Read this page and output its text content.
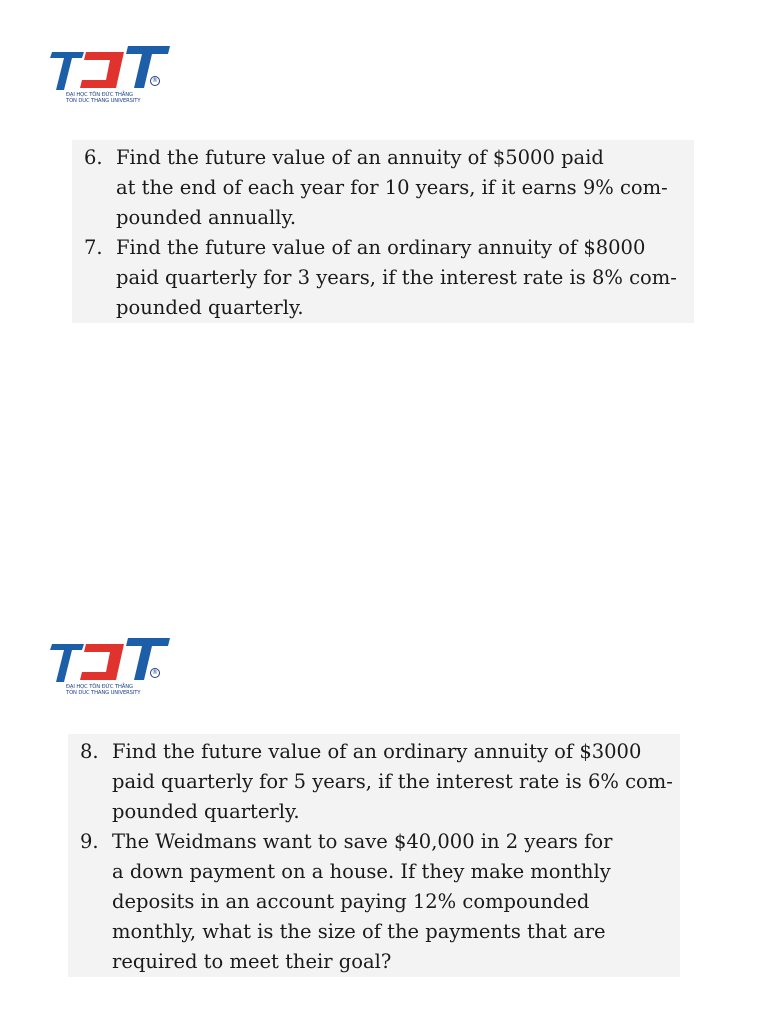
®
ĐẠI HỌC TÔN ĐỨC THẮNG
TON DUC THANG UNIVERSITY
6. Find the future value of an annuity of $5000 paid
at the end of each year for 10 years, if it earns 9% com-
pounded annually.
7. Find the future value of an ordinary annuity of $8000
paid quarterly for 3 years, if the interest rate is 8% com-
pounded quarterly.
®
ĐẠI HỌC TÔN ĐỨC THẮNG
TON DUC THANG UNIVERSITY
8. Find the future value of an ordinary annuity of $3000
paid quarterly for 5 years, if the interest rate is 6% com-
pounded quarterly.
9. The Weidmans want to save $40,000 in 2 years for
a down payment on a house. If they make monthly
deposits in an account paying 12% compounded
monthly, what is the size of the payments that are
required to meet their goal?
